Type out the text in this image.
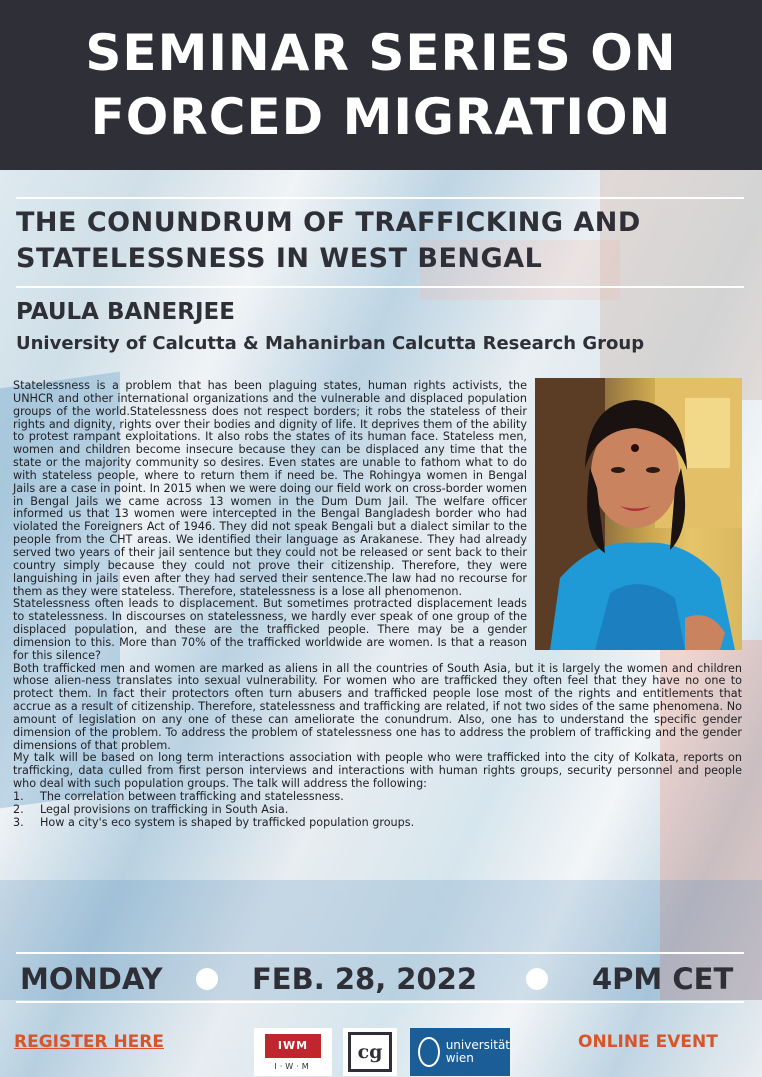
SEMINAR SERIES ON
FORCED MIGRATION
THE CONUNDRUM OF TRAFFICKING AND
STATELESSNESS IN WEST BENGAL
PAULA BANERJEE
University of Calcutta & Mahanirban Calcutta Research Group

Statelessness is a problem that has been plaguing states, human rights activists, the UNHCR and other international organizations and the vulnerable and displaced population groups of the world.Statelessness does not respect borders; it robs the stateless of their rights and dignity, rights over their bodies and dignity of life. It deprives them of the ability to protest rampant exploitations. It also robs the states of its human face. Stateless men, women and children become insecure because they can be displaced any time that the state or the majority community so desires. Even states are unable to fathom what to do with stateless people, where to return them if need be. The Rohingya women in Bengal Jails are a case in point. In 2015 when we were doing our field work on cross-border women in Bengal Jails we came across 13 women in the Dum Dum Jail. The welfare officer informed us that 13 women were intercepted in the Bengal Bangladesh border who had violated the Foreigners Act of 1946. They did not speak Bengali but a dialect similar to the people from the CHT areas. We identified their language as Arakanese. They had already served two years of their jail sentence but they could not be released or sent back to their country simply because they could not prove their citizenship. Therefore, they were languishing in jails even after they had served their sentence.The law had no recourse for them as they were stateless. Therefore, statelessness is a lose all phenomenon.

Statelessness often leads to displacement. But sometimes protracted displacement leads to statelessness. In discourses on statelessness, we hardly ever speak of one group of the displaced population, and these are the trafficked people. There may be a gender dimension to this. More than 70% of the trafficked worldwide are women. Is that a reason for this silence?

Both trafficked men and women are marked as aliens in all the countries of South Asia, but it is largely the women and children whose alien-ness translates into sexual vulnerability. For women who are trafficked they often feel that they have no one to protect them. In fact their protectors often turn abusers and trafficked people lose most of the rights and entitlements that accrue as a result of citizenship. Therefore, statelessness and trafficking are related, if not two sides of the same phenomena. No amount of legislation on any one of these can ameliorate the conundrum. Also, one has to understand the specific gender dimension of the problem. To address the problem of statelessness one has to address the problem of trafficking and the gender dimensions of that problem.

My talk will be based on long term interactions association with people who were trafficked into the city of Kolkata, reports on trafficking, data culled from first person interviews and interactions with human rights groups, security personnel and people who deal with such population groups. The talk will address the following:

1.	The correlation between trafficking and statelessness.
2.	Legal provisions on trafficking in South Asia.
3.	How a city's eco system is shaped by trafficked population groups.
MONDAY	FEB. 28, 2022	4PM CET
REGISTER HERE	IWM
I·W·M
cg	universität
wien
ONLINE EVENT
